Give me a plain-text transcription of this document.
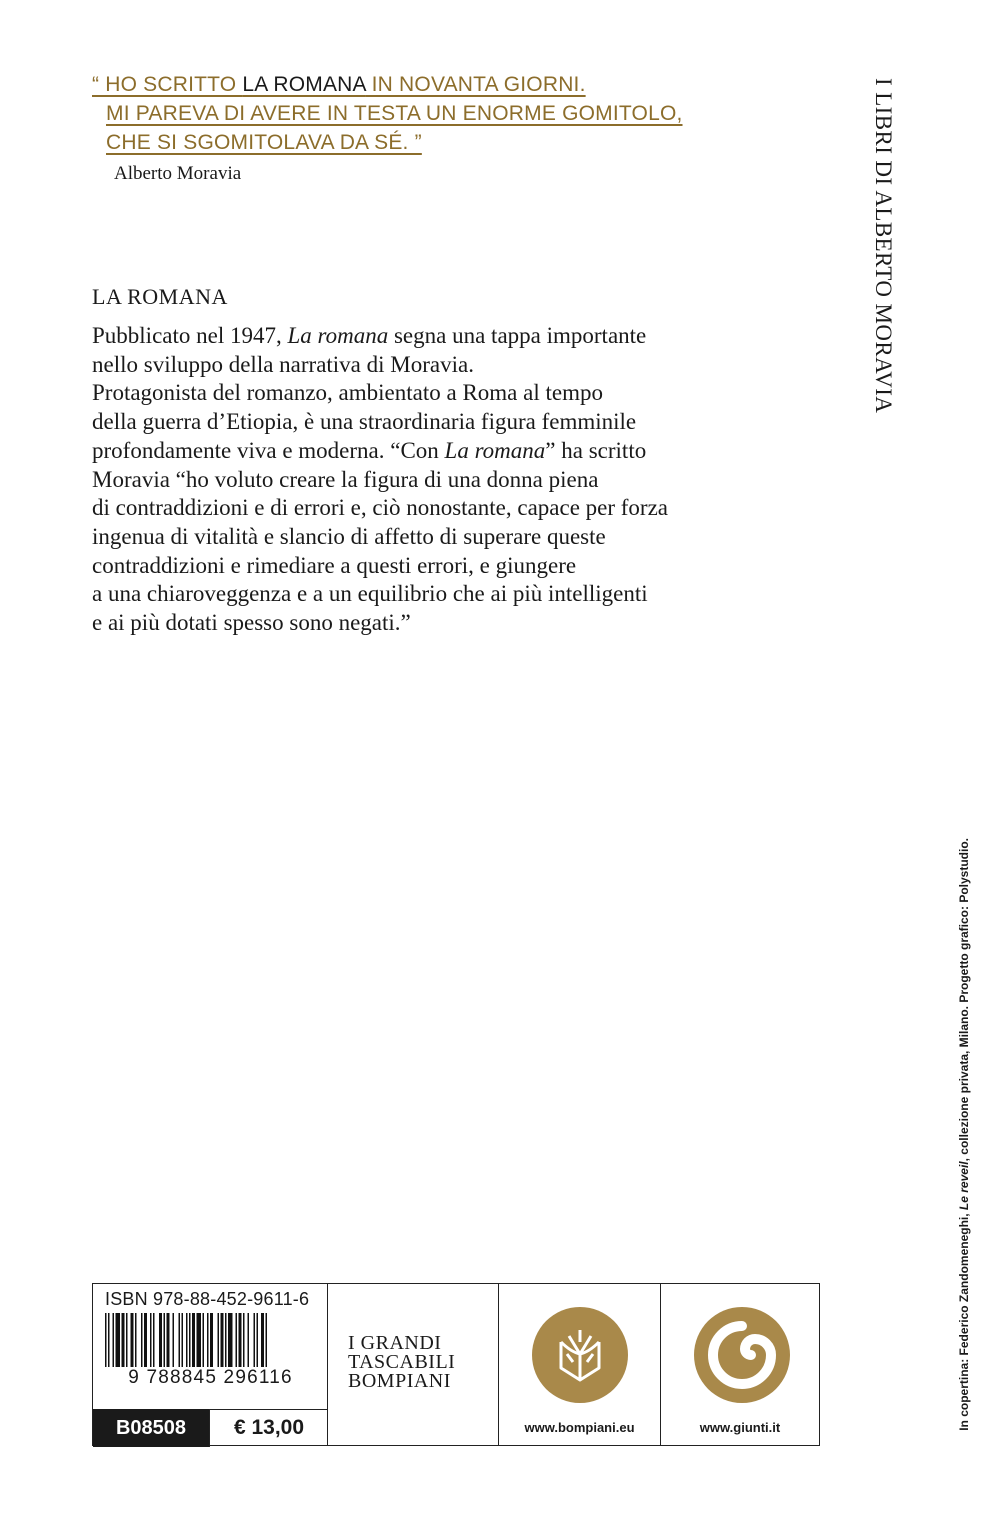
“ HO SCRITTO LA ROMANA IN NOVANTA GIORNI.
MI PAREVA DI AVERE IN TESTA UN ENORME GOMITOLO,
CHE SI SGOMITOLAVA DA SÉ. ”
Alberto Moravia
LA ROMANA

Pubblicato nel 1947, La romana segna una tappa importante

nello sviluppo della narrativa di Moravia.

Protagonista del romanzo, ambientato a Roma al tempo

della guerra d’Etiopia, è una straordinaria figura femminile

profondamente viva e moderna. “Con La romana” ha scritto

Moravia “ho voluto creare la figura di una donna piena

di contraddizioni e di errori e, ciò nonostante, capace per forza

ingenua di vitalità e slancio di affetto di superare queste

contraddizioni e rimediare a questi errori, e giungere

a una chiaroveggenza e a un equilibrio che ai più intelligenti

e ai più dotati spesso sono negati.”

I LIBRI DI ALBERTO MORAVIA
In copertina: Federico Zandomeneghi, Le reveil, collezione privata, Milano. Progetto grafico: Polystudio.
ISBN 978-88-452-9611-6
9 788845 296116
B08508	€ 13,00
I GRANDI
TASCABILI
BOMPIANI
www.bompiani.eu	www.giunti.it
